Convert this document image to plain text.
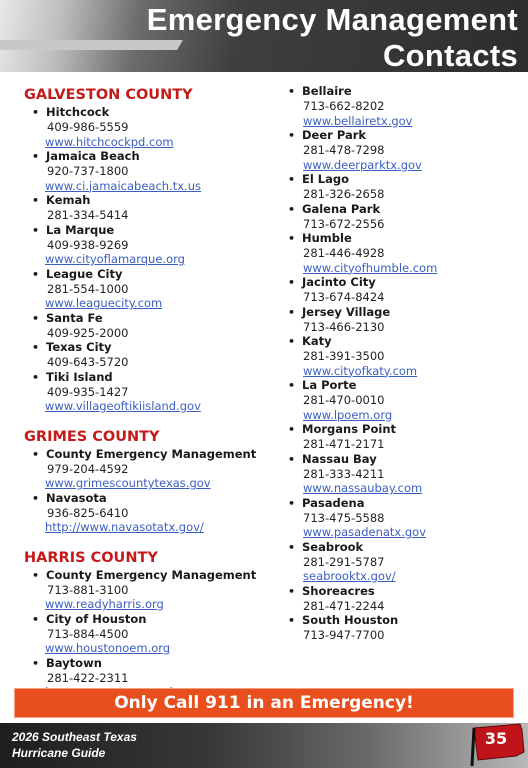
Emergency Management
Contacts
GALVESTON COUNTY
• Hitchcock
409-986-5559
www.hitchcockpd.com
• Jamaica Beach
920-737-1800
www.ci.jamaicabeach.tx.us
• Kemah
281-334-5414
• La Marque
409-938-9269
www.cityoflamarque.org
• League City
281-554-1000
www.leaguecity.com
• Santa Fe
409-925-2000
• Texas City
409-643-5720
• Tiki Island
409-935-1427
www.villageoftikiisland.gov
GRIMES COUNTY
• County Emergency Management
979-204-4592
www.grimescountytexas.gov
• Navasota
936-825-6410
http://www.navasotatx.gov/
HARRIS COUNTY
• County Emergency Management
713-881-3100
www.readyharris.org
• City of Houston
713-884-4500
www.houstonoem.org
• Baytown
281-422-2311
• Bellaire
713-662-8202
www.bellairetx.gov
• Deer Park
281-478-7298
www.deerparktx.gov
• El Lago
281-326-2658
• Galena Park
713-672-2556
• Humble
281-446-4928
www.cityofhumble.com
• Jacinto City
713-674-8424
• Jersey Village
713-466-2130
• Katy
281-391-3500
www.cityofkaty.com
• La Porte
281-470-0010
www.lpoem.org
• Morgans Point
281-471-2171
• Nassau Bay
281-333-4211
www.nassaubay.com
• Pasadena
713-475-5588
www.pasadenatx.gov
• Seabrook
281-291-5787
seabrooktx.gov/
• Shoreacres
281-471-2244
• South Houston
713-947-7700
Only Call 911 in an Emergency!
2026 Southeast Texas
Hurricane Guide
35
